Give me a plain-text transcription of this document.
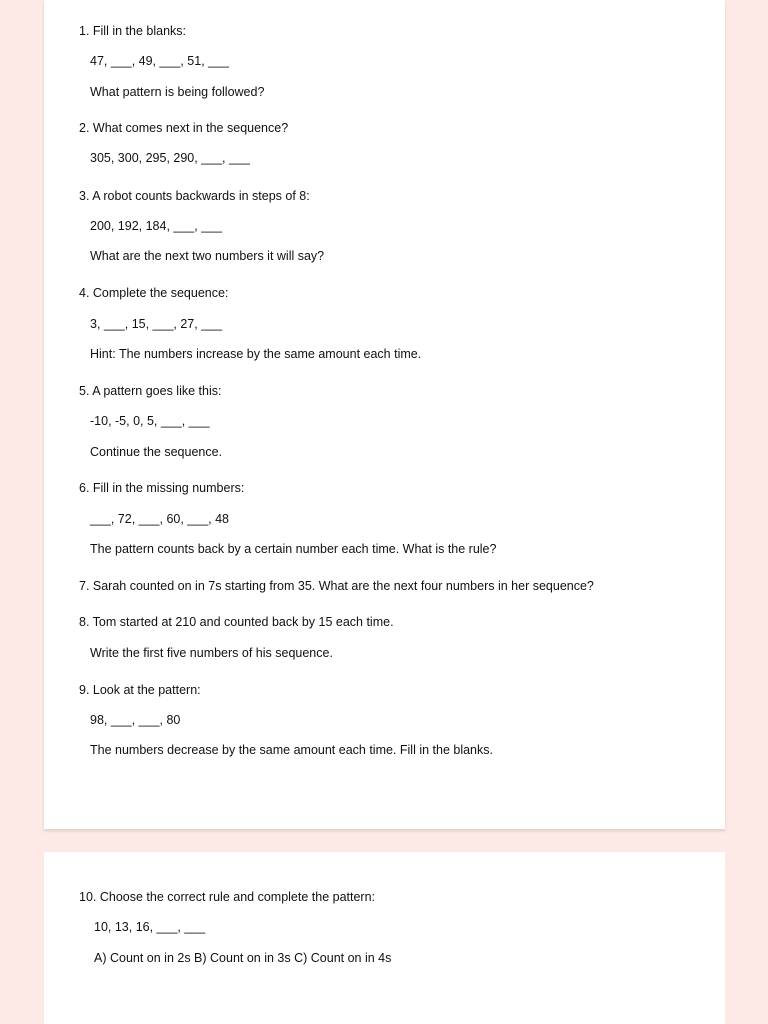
1. Fill in the blanks:
47, ___, 49, ___, 51, ___
What pattern is being followed?
2. What comes next in the sequence?
305, 300, 295, 290, ___, ___
3. A robot counts backwards in steps of 8:
200, 192, 184, ___, ___
What are the next two numbers it will say?
4. Complete the sequence:
3, ___, 15, ___, 27, ___
Hint: The numbers increase by the same amount each time.
5. A pattern goes like this:
-10, -5, 0, 5, ___, ___
Continue the sequence.
6. Fill in the missing numbers:
___, 72, ___, 60, ___, 48
The pattern counts back by a certain number each time. What is the rule?
7. Sarah counted on in 7s starting from 35. What are the next four numbers in her sequence?
8. Tom started at 210 and counted back by 15 each time.
Write the first five numbers of his sequence.
9. Look at the pattern:
98, ___, ___, 80
The numbers decrease by the same amount each time. Fill in the blanks.
10. Choose the correct rule and complete the pattern:
10, 13, 16, ___, ___
A) Count on in 2s B) Count on in 3s C) Count on in 4s
